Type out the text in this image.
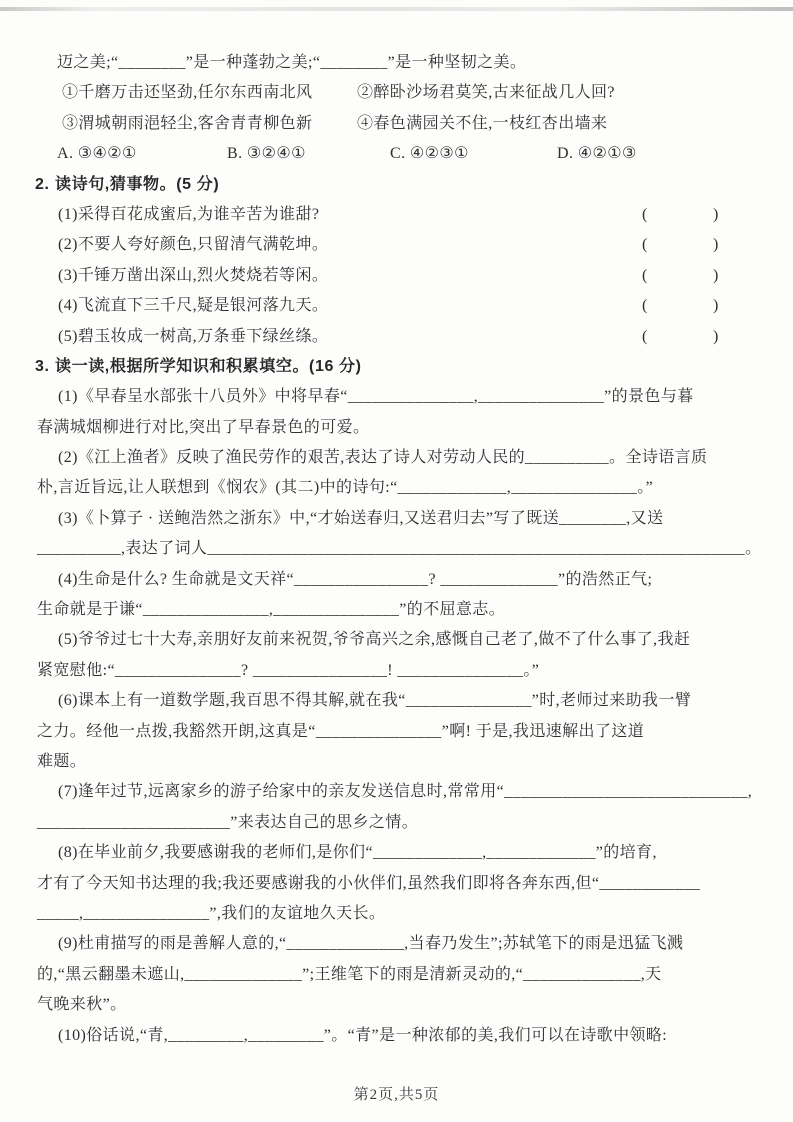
迈之美;“________”是一种蓬勃之美;“________”是一种坚韧之美。
①千磨万击还坚劲,任尔东西南北风	②醉卧沙场君莫笑,古来征战几人回?
③渭城朝雨浥轻尘,客舍青青柳色新	④春色满园关不住,一枝红杏出墙来
A. ③④②①	B. ③②④①	C. ④②③①	D. ④②①③
2. 读诗句,猜事物。(5 分)
(1)采得百花成蜜后,为谁辛苦为谁甜?	(	)
(2)不要人夸好颜色,只留清气满乾坤。	(	)
(3)千锤万凿出深山,烈火焚烧若等闲。	(	)
(4)飞流直下三千尺,疑是银河落九天。	(	)
(5)碧玉妆成一树高,万条垂下绿丝绦。	(	)
3. 读一读,根据所学知识和积累填空。(16 分)
(1)《早春呈水部张十八员外》中将早春“_______________,_______________”的景色与暮
春满城烟柳进行对比,突出了早春景色的可爱。
(2)《江上渔者》反映了渔民劳作的艰苦,表达了诗人对劳动人民的__________。全诗语言质
朴,言近旨远,让人联想到《悯农》(其二)中的诗句:“_____________,_______________。”
(3)《卜算子 · 送鲍浩然之浙东》中,“才始送春归,又送君归去”写了既送________,又送
__________,表达了词人________________________________________________________________。
(4)生命是什么? 生命就是文天祥“________________? ______________”的浩然正气;
生命就是于谦“_______________,_______________”的不屈意志。
(5)爷爷过七十大寿,亲朋好友前来祝贺,爷爷高兴之余,感慨自己老了,做不了什么事了,我赶
紧宽慰他:“_______________? ________________! _______________。”
(6)课本上有一道数学题,我百思不得其解,就在我“_______________”时,老师过来助我一臂
之力。经他一点拨,我豁然开朗,这真是“_______________”啊! 于是,我迅速解出了这道
难题。
(7)逢年过节,远离家乡的游子给家中的亲友发送信息时,常常用“_____________________________,
_______________________”来表达自己的思乡之情。
(8)在毕业前夕,我要感谢我的老师们,是你们“_____________,_____________”的培育,
才有了今天知书达理的我;我还要感谢我的小伙伴们,虽然我们即将各奔东西,但“____________
_____,_______________”,我们的友谊地久天长。
(9)杜甫描写的雨是善解人意的,“______________,当春乃发生”;苏轼笔下的雨是迅猛飞溅
的,“黑云翻墨未遮山,______________”;王维笔下的雨是清新灵动的,“______________,天
气晚来秋”。
(10)俗话说,“青,_________,_________”。“青”是一种浓郁的美,我们可以在诗歌中领略:
第2页,共5页
